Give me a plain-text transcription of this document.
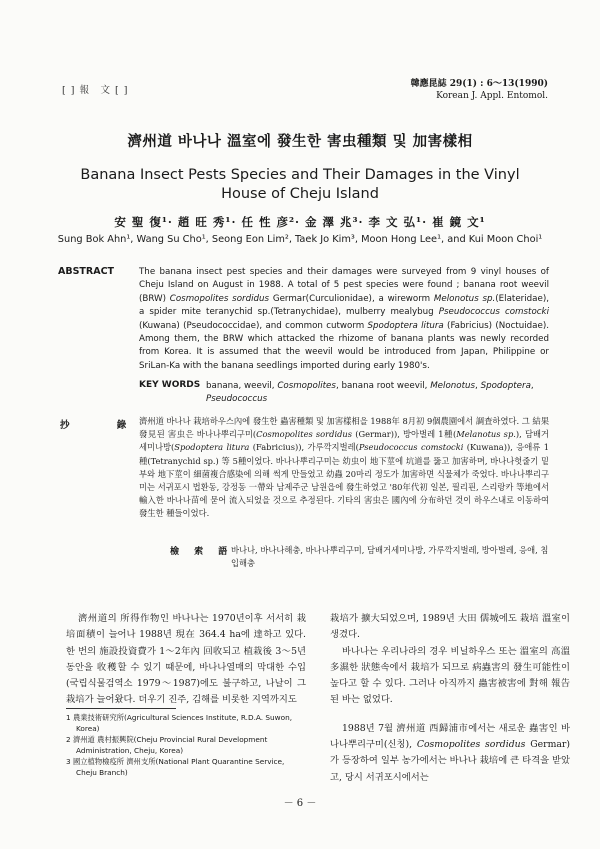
[ ] 報　文 [ ]
韓應昆誌 29(1) : 6～13(1990)
Korean J. Appl. Entomol.
濟州道 바나나 溫室에 發生한 害虫種類 및 加害樣相
Banana Insect Pests Species and Their Damages in the Vinyl
House of Cheju Island
安 聖 復¹· 趙 旺 秀¹· 任 性 彦²· 金 澤 兆³· 李 文 弘¹· 崔 鏡 文¹
Sung Bok Ahn¹, Wang Su Cho¹, Seong Eon Lim², Taek Jo Kim³, Moon Hong Lee¹, and Kui Moon Choi¹
ABSTRACT	The banana insect pest species and their damages were surveyed from 9 vinyl houses of Cheju Island on August in 1988. A total of 5 pest species were found ; banana root weevil (BRW) Cosmopolites sordidus Germar(Curculionidae), a wireworm Melonotus sp.(Elateridae), a spider mite teranychid sp.(Tetranychidae), mulberry mealybug Pseudococcus comstocki (Kuwana) (Pseudococcidae), and common cutworm Spodoptera litura (Fabricius) (Noctuidae). Among them, the BRW which attacked the rhizome of banana plants was newly recorded from Korea. It is assumed that the weevil would be introduced from Japan, Philippine or SriLan-Ka with the banana seedlings imported during early 1980's.
KEY WORDS banana, weevil, Cosmopolites, banana root weevil, Melonotus, Spodoptera, Pseudococcus
抄 錄
濟州道 바나나 栽培하우스內에 發生한 蟲害種類 및 加害樣相을 1988年 8月初 9個農園에서 調査하였다. 그 結果 發見된 害虫은 바나나뿌리구미(Cosmopolites sordidus (Germar)), 방아벌레 1種(Melanotus sp.), 담배거세미나방(Spodoptera litura (Fabricius)), 가루깍지벌레(Pseudococcus comstocki (Kuwana)), 응애류 1種(Tetranychid sp.) 等 5種이었다. 바나나뿌리구미는 幼虫이 地下莖에 坑道를 뚫고 加害하며, 바나나헛줄기 밑부와 地下莖이 細菌複合感染에 의해 썩게 만들었고 幼蟲 20마리 정도가 加害하면 식물체가 죽었다. 바나나뿌리구미는 서귀포시 법환동, 강정동 一帶와 남제주군 남원읍에 發生하였고 '80年代初 일본, 필리핀, 스리랑카 等地에서 輸入한 바나나苗에 묻어 流入되었을 것으로 추정된다. 기타의 害虫은 國內에 分布하던 것이 하우스내로 이동하여 發生한 種들이었다.
檢 索 語
바나나, 바나나해충, 바나나뿌리구미, 담배거세미나방, 가루깍지벌레, 방아벌레, 응애, 침입해충
濟州道의 所得作物인 바나나는 1970년이후 서서히 栽培面積이 늘어나 1988년 現在 364.4 ha에 達하고 있다. 한 번의 施設投資費가 1～2年內 回收되고 植栽後 3～5년동안을 收穫할 수 있기 때문에, 바나나열매의 막대한 수입(국립식물검역소 1979～1987)에도 불구하고, 나날이 그 栽培가 늘어왔다. 더우기 진주, 김해를 비롯한 지역까지도

栽培가 擴大되었으며, 1989년 大田 儒城에도 栽培 溫室이 생겼다.

바나나는 우리나라의 경우 비닐하우스 또는 溫室의 高溫多濕한 狀態속에서 栽培가 되므로 病蟲害의 發生可能性이 높다고 할 수 있다. 그러나 아직까지 蟲害被害에 對해 報告된 바는 없었다.

1988년 7월 濟州道 西歸浦市에서는 새로운 蟲害인 바나나뿌리구미(신칭), Cosmopolites sordidus Germar)가 등장하여 일부 농가에서는 바나나 栽培에 큰 타격을 받았고, 당시 서귀포시에서는

1 農業技術研究所(Agricultural Sciences Institute, R.D.A. Suwon, Korea)
2 濟州道 農村振興院(Cheju Provincial Rural Development Administration, Cheju, Korea)
3 國立植物檢疫所 濟州支所(National Plant Quarantine Service, Cheju Branch)
－ 6 －
